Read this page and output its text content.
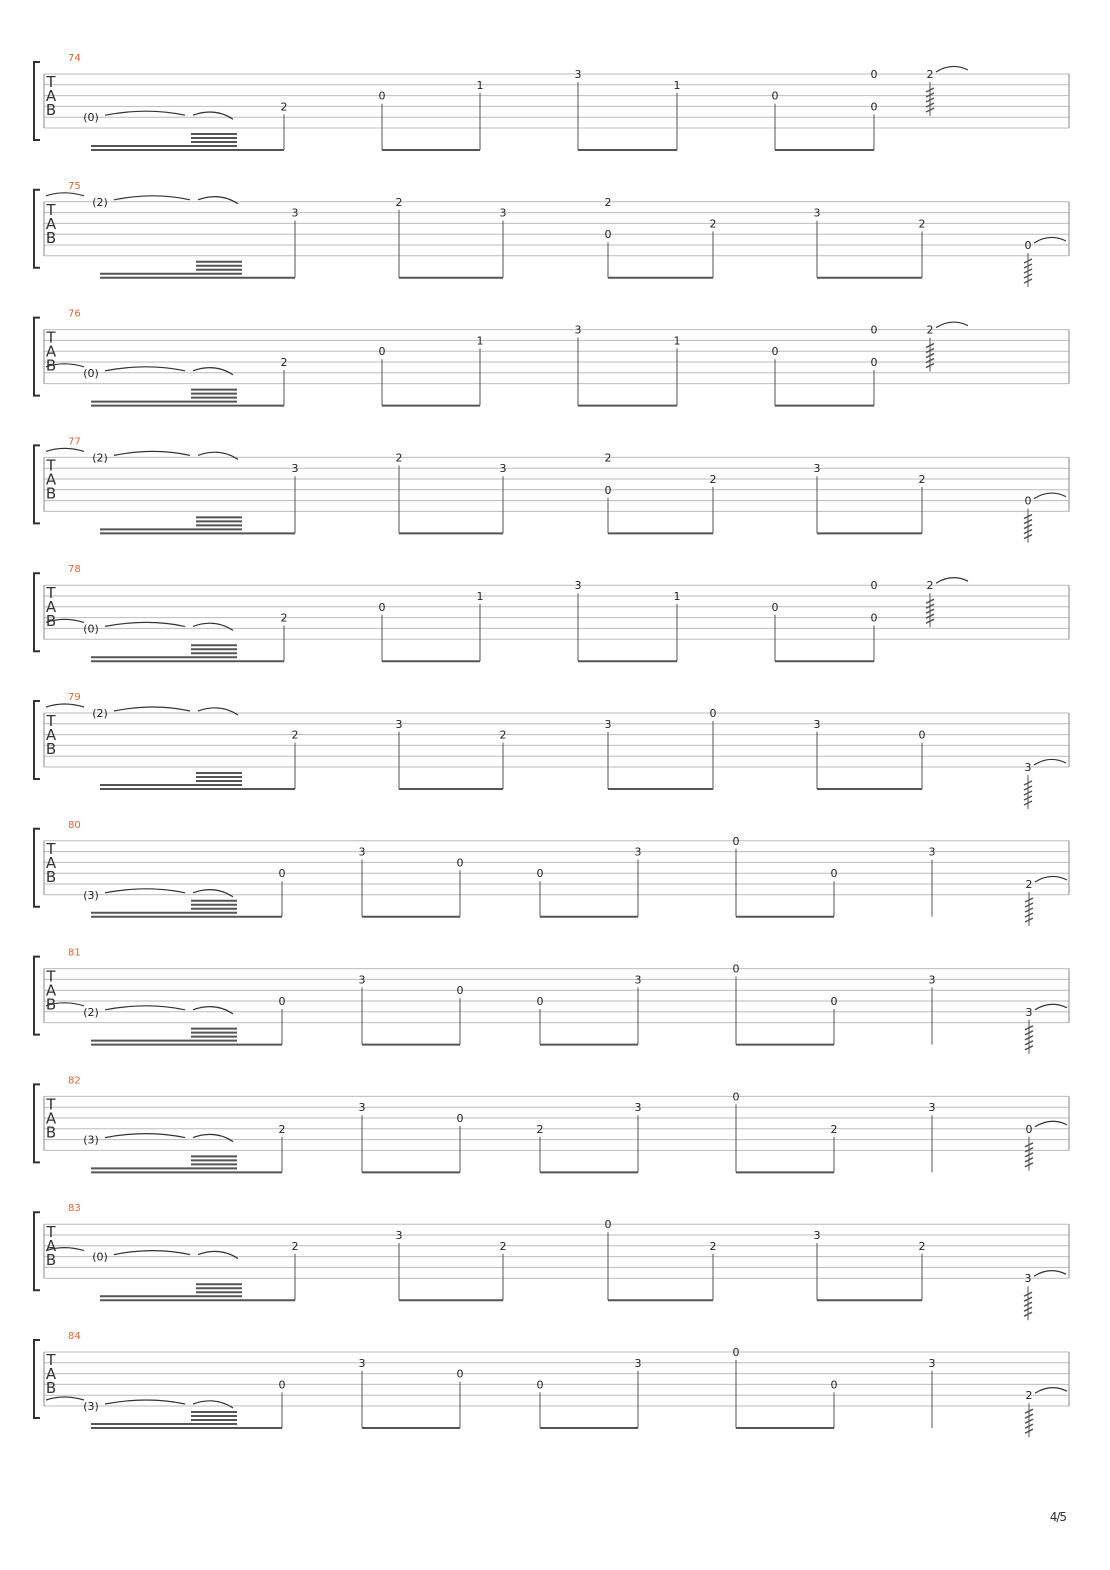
T
A
B
74
(0)
2
0
1
3
1
0
0
0
2
T
A
B
75
(2)
3
2
3
2
0
2
3
2
0
T
A
B
76
(0)
2
0
1
3
1
0
0
0
2
T
A
B
77
(2)
3
2
3
2
0
2
3
2
0
T
A
B
78
(0)
2
0
1
3
1
0
0
0
2
T
A
B
79
(2)
2
3
2
3
0
3
0
3
T
A
B
80
(3)
0
3
0
0
3
0
0
3
2
T
A
B
81
(2)
0
3
0
0
3
0
0
3
3
T
A
B
82
(3)
2
3
0
2
3
0
2
3
0
T
A
B
83
(0)
2
3
2
0
2
3
2
3
T
A
B
84
(3)
0
3
0
0
3
0
0
3
2
4/5
